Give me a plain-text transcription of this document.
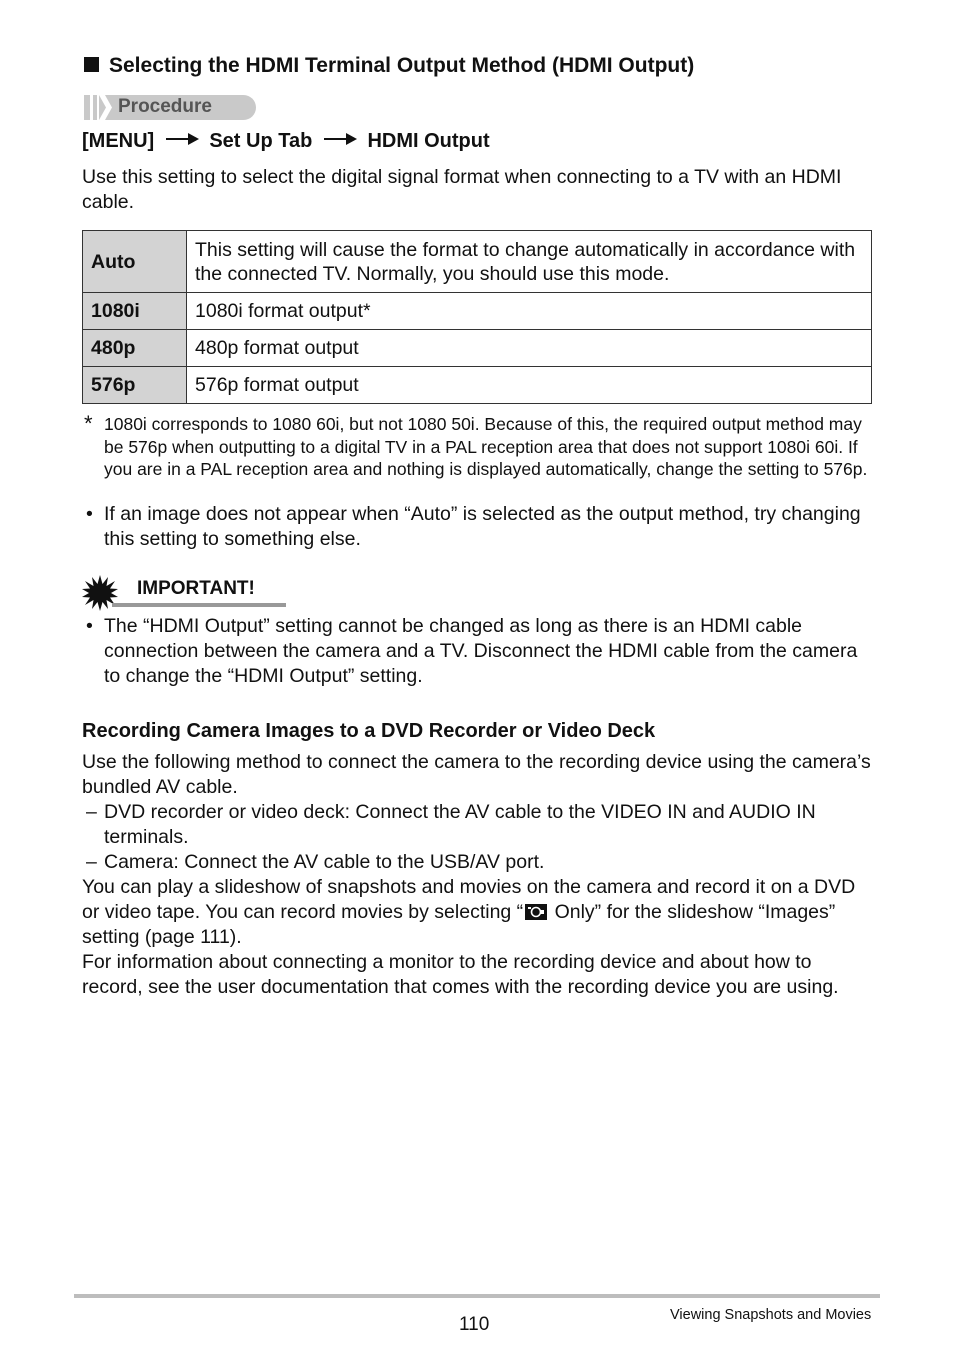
Selecting the HDMI Terminal Output Method (HDMI Output)
Procedure
[MENU]	Set Up Tab	HDMI Output
Use this setting to select the digital signal format when connecting to a TV with an HDMI cable.
Auto	This setting will cause the format to change automatically in accordance with the connected TV. Normally, you should use this mode.
1080i	1080i format output*
480p	480p format output
576p	576p format output
* 1080i corresponds to 1080 60i, but not 1080 50i. Because of this, the required output method may be 576p when outputting to a digital TV in a PAL reception area that does not support 1080i 60i. If you are in a PAL reception area and nothing is displayed automatically, change the setting to 576p.
• If an image does not appear when “Auto” is selected as the output method, try changing this setting to something else.
IMPORTANT!
• The “HDMI Output” setting cannot be changed as long as there is an HDMI cable connection between the camera and a TV. Disconnect the HDMI cable from the camera to change the “HDMI Output” setting.
Recording Camera Images to a DVD Recorder or Video Deck
Use the following method to connect the camera to the recording device using the camera’s bundled AV cable.
– DVD recorder or video deck: Connect the AV cable to the VIDEO IN and AUDIO IN terminals.
– Camera: Connect the AV cable to the USB/AV port.
You can play a slideshow of snapshots and movies on the camera and record it on a DVD or video tape. You can record movies by selecting “
Only” for the slideshow “Images” setting (page 111).
For information about connecting a monitor to the recording device and about how to record, see the user documentation that comes with the recording device you are using.
110	Viewing Snapshots and Movies
